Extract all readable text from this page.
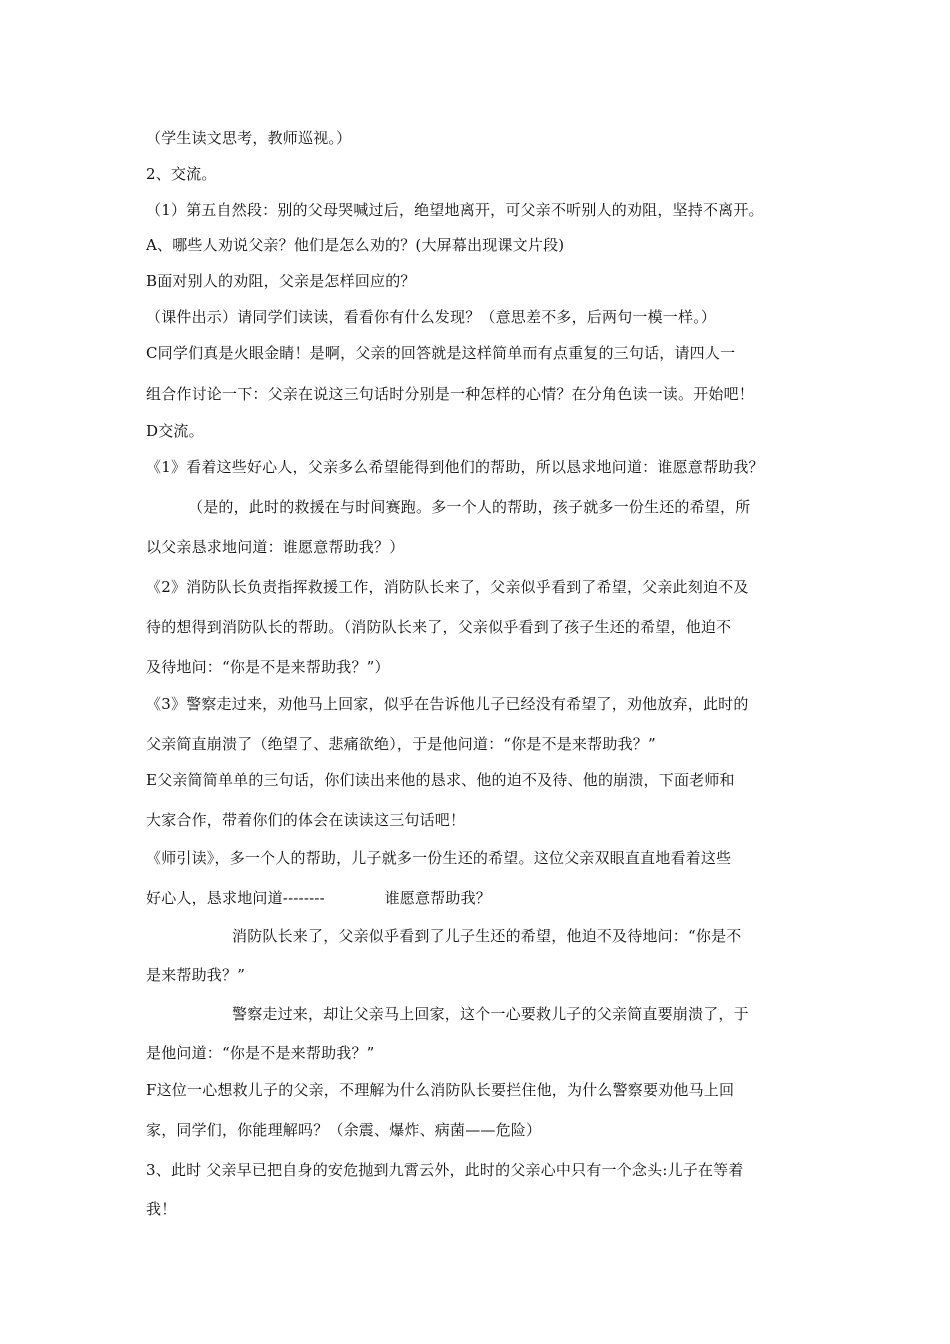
（学生读文思考，教师巡视。）
2、交流。
（1）第五自然段：别的父母哭喊过后，绝望地离开，可父亲不听别人的劝阻，坚持不离开。
A、哪些人劝说父亲？他们是怎么劝的？(大屏幕出现课文片段)
B面对别人的劝阻，父亲是怎样回应的？
（课件出示）请同学们读读，看看你有什么发现？（意思差不多，后两句一模一样。）
C同学们真是火眼金睛！是啊，父亲的回答就是这样简单而有点重复的三句话，请四人一
组合作讨论一下：父亲在说这三句话时分别是一种怎样的心情？在分角色读一读。开始吧！
D交流。
《1》看着这些好心人，父亲多么希望能得到他们的帮助，所以恳求地问道：谁愿意帮助我？
（是的，此时的救援在与时间赛跑。多一个人的帮助，孩子就多一份生还的希望，所
以父亲恳求地问道：谁愿意帮助我？）
《2》消防队长负责指挥救援工作，消防队长来了，父亲似乎看到了希望，父亲此刻迫不及
待的想得到消防队长的帮助。（消防队长来了，父亲似乎看到了孩子生还的希望，他迫不
及待地问：“你是不是来帮助我？”）
《3》警察走过来，劝他马上回家，似乎在告诉他儿子已经没有希望了，劝他放弃，此时的
父亲简直崩溃了（绝望了、悲痛欲绝），于是他问道：“你是不是来帮助我？”
E父亲简简单单的三句话，你们读出来他的恳求、他的迫不及待、他的崩溃，下面老师和
大家合作，带着你们的体会在读读这三句话吧！
《师引读》，多一个人的帮助，儿子就多一份生还的希望。这位父亲双眼直直地看着这些
好心人，恳求地问道--------            谁愿意帮助我？
消防队长来了，父亲似乎看到了儿子生还的希望，他迫不及待地问：“你是不
是来帮助我？”
警察走过来，却让父亲马上回家，这个一心要救儿子的父亲简直要崩溃了，于
是他问道：“你是不是来帮助我？”
F这位一心想救儿子的父亲，不理解为什么消防队长要拦住他，为什么警察要劝他马上回
家，同学们，你能理解吗？（余震、爆炸、病菌——危险）
3、此时 父亲早已把自身的安危抛到九霄云外，此时的父亲心中只有一个念头:儿子在等着
我！
